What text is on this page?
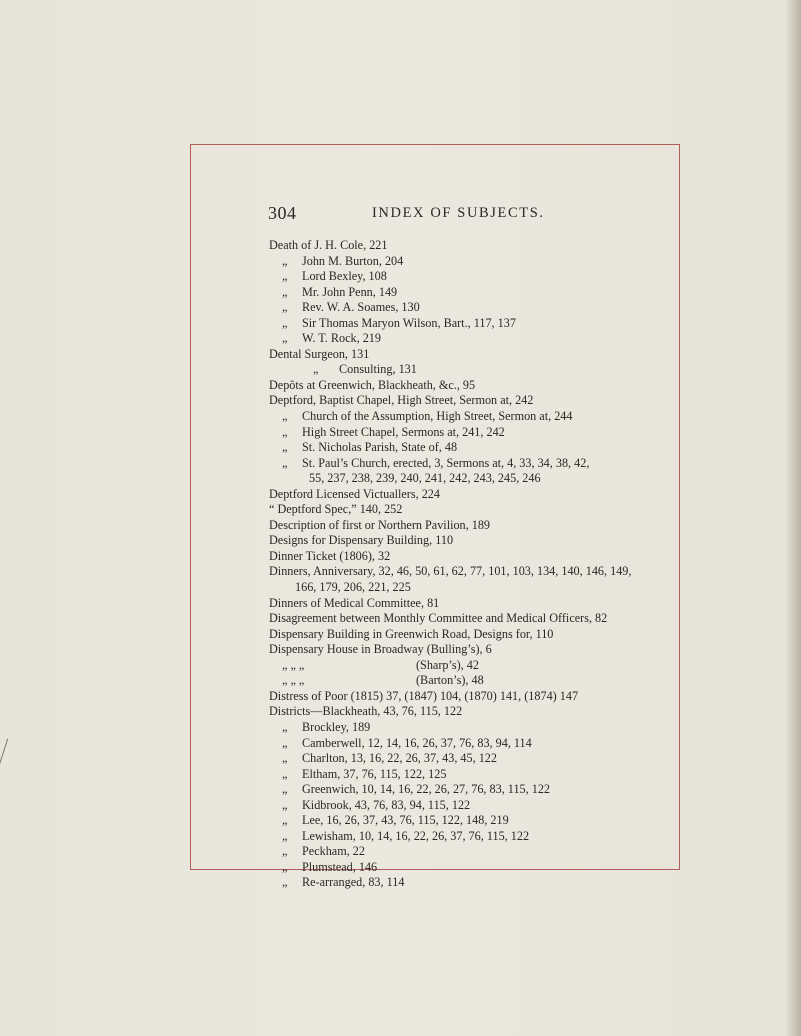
304	INDEX OF SUBJECTS.
Death of J. H. Cole, 221
„ John M. Burton, 204
„ Lord Bexley, 108
„ Mr. John Penn, 149
„ Rev. W. A. Soames, 130
„ Sir Thomas Maryon Wilson, Bart., 117, 137
„ W. T. Rock, 219
Dental Surgeon, 131
„ Consulting, 131
Depôts at Greenwich, Blackheath, &c., 95
Deptford, Baptist Chapel, High Street, Sermon at, 242
„ Church of the Assumption, High Street, Sermon at, 244
„ High Street Chapel, Sermons at, 241, 242
„ St. Nicholas Parish, State of, 48
„ St. Paul’s Church, erected, 3, Sermons at, 4, 33, 34, 38, 42,
55, 237, 238, 239, 240, 241, 242, 243, 245, 246
Deptford Licensed Victuallers, 224
“ Deptford Spec,” 140, 252
Description of first or Northern Pavilion, 189
Designs for Dispensary Building, 110
Dinner Ticket (1806), 32
Dinners, Anniversary, 32, 46, 50, 61, 62, 77, 101, 103, 134, 140, 146, 149,
166, 179, 206, 221, 225
Dinners of Medical Committee, 81
Disagreement between Monthly Committee and Medical Officers, 82
Dispensary Building in Greenwich Road, Designs for, 110
Dispensary House in Broadway (Bulling’s), 6
„ „ „	(Sharp’s), 42
„ „ „	(Barton’s), 48
Distress of Poor (1815) 37, (1847) 104, (1870) 141, (1874) 147
Districts—Blackheath, 43, 76, 115, 122
„ Brockley, 189
„ Camberwell, 12, 14, 16, 26, 37, 76, 83, 94, 114
„ Charlton, 13, 16, 22, 26, 37, 43, 45, 122
„ Eltham, 37, 76, 115, 122, 125
„ Greenwich, 10, 14, 16, 22, 26, 27, 76, 83, 115, 122
„ Kidbrook, 43, 76, 83, 94, 115, 122
„ Lee, 16, 26, 37, 43, 76, 115, 122, 148, 219
„ Lewisham, 10, 14, 16, 22, 26, 37, 76, 115, 122
„ Peckham, 22
„ Plumstead, 146
„ Re-arranged, 83, 114
